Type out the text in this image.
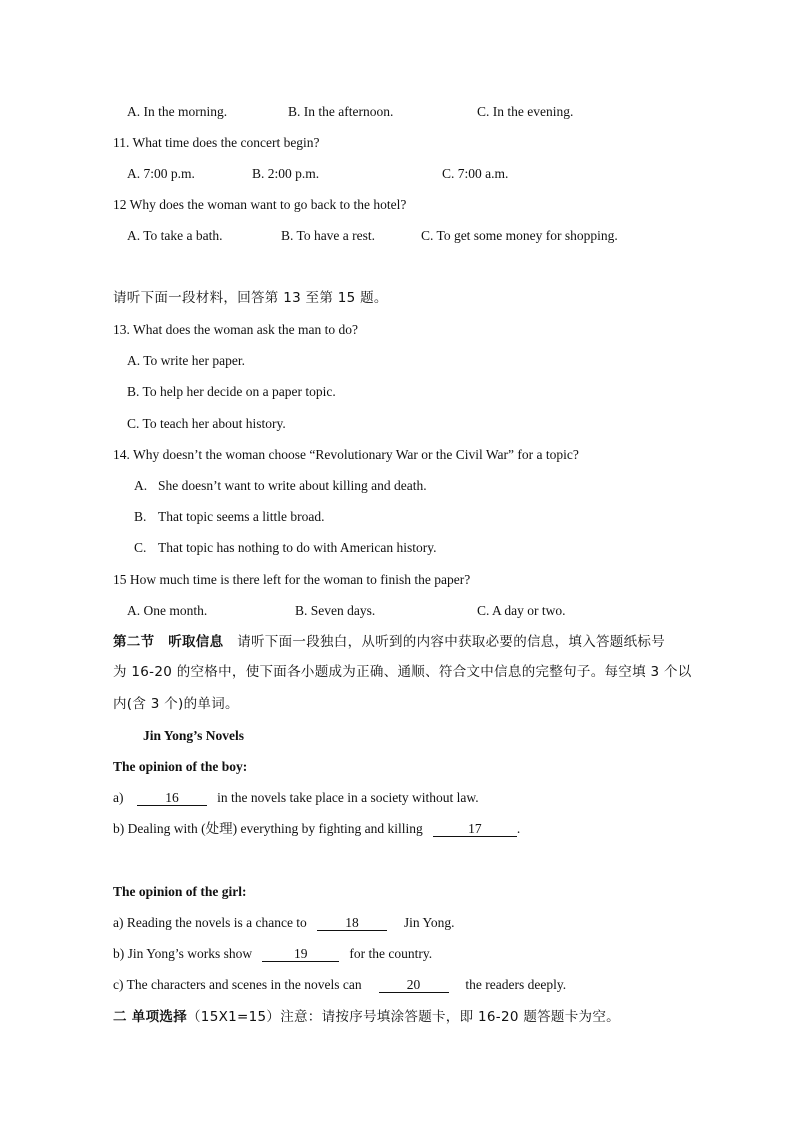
A. In the morning.	B. In the afternoon.	C. In the evening.
11. What time does the concert begin?
A. 7:00 p.m.	B. 2:00 p.m.	C. 7:00 a.m.
12 Why does the woman want to go back to the hotel?
A. To take a bath.	B. To have a rest.	C. To get some money for shopping.
请听下面一段材料，回答第 13 至第 15 题。
13. What does the woman ask the man to do?
A. To write her paper.
B. To help her decide on a paper topic.
C. To teach her about history.
14. Why doesn’t the woman choose “Revolutionary War or the Civil War” for a topic?
A. She doesn’t want to write about killing and death.
B. That topic seems a little broad.
C. That topic has nothing to do with American history.
15 How much time is there left for the woman to finish the paper?
A. One month.	B. Seven days.	C. A day or two.
第二节　听取信息　请听下面一段独白，从听到的内容中获取必要的信息，填入答题纸标号
为 16-20 的空格中，使下面各小题成为正确、通顺、符合文中信息的完整句子。每空填 3 个以
内(含 3 个)的单词。
Jin Yong’s Novels
The opinion of the boy:
a)	16	in the novels take place in a society without law.
b) Dealing with (处理) everything by fighting and killing	17	.
The opinion of the girl:
a) Reading the novels is a chance to	18	Jin Yong.
b) Jin Yong’s works show	19	for the country.
c) The characters and scenes in the novels can	20	the readers deeply.
二 单项选择（15X1=15）注意：请按序号填涂答题卡，即 16-20 题答题卡为空。
